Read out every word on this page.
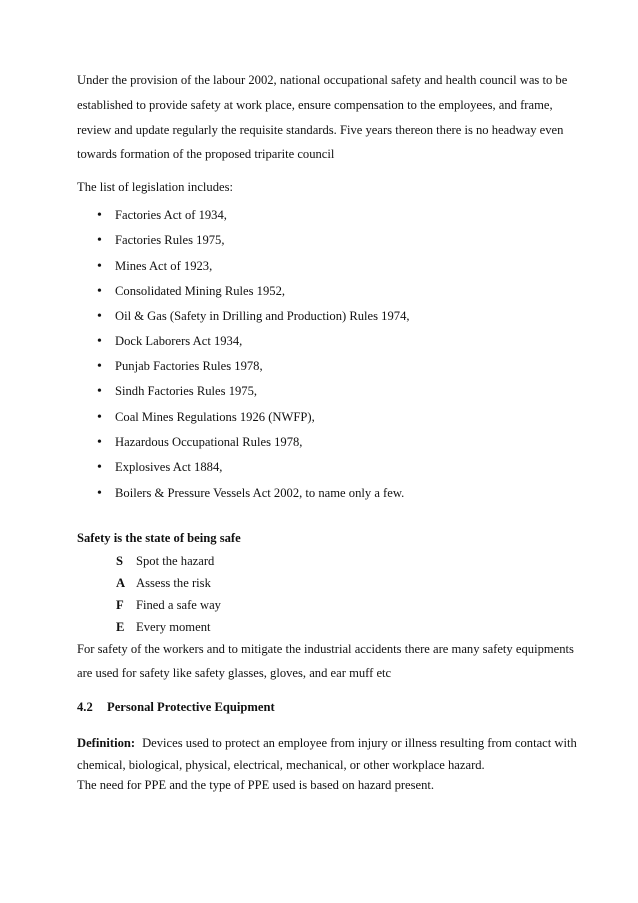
Under the provision of the labour 2002, national occupational safety and health council was to be
established to provide safety at work place, ensure compensation to the employees, and frame,
review and update regularly the requisite standards. Five years thereon there is no headway even
towards formation of the proposed triparite council
The list of legislation includes:
• Factories Act of 1934,
• Factories Rules 1975,
• Mines Act of 1923,
• Consolidated Mining Rules 1952,
• Oil & Gas (Safety in Drilling and Production) Rules 1974,
• Dock Laborers Act 1934,
• Punjab Factories Rules 1978,
• Sindh Factories Rules 1975,
• Coal Mines Regulations 1926 (NWFP),
• Hazardous Occupational Rules 1978,
• Explosives Act 1884,
• Boilers & Pressure Vessels Act 2002, to name only a few.
Safety is the state of being safe
S Spot the hazard
A Assess the risk
F Fined a safe way
E Every moment
For safety of the workers and to mitigate the industrial accidents there are many safety equipments
are used for safety like safety glasses, gloves, and ear muff etc
4.2 Personal Protective Equipment
Definition: Devices used to protect an employee from injury or illness resulting from contact with
chemical, biological, physical, electrical, mechanical, or other workplace hazard.
The need for PPE and the type of PPE used is based on hazard present.
